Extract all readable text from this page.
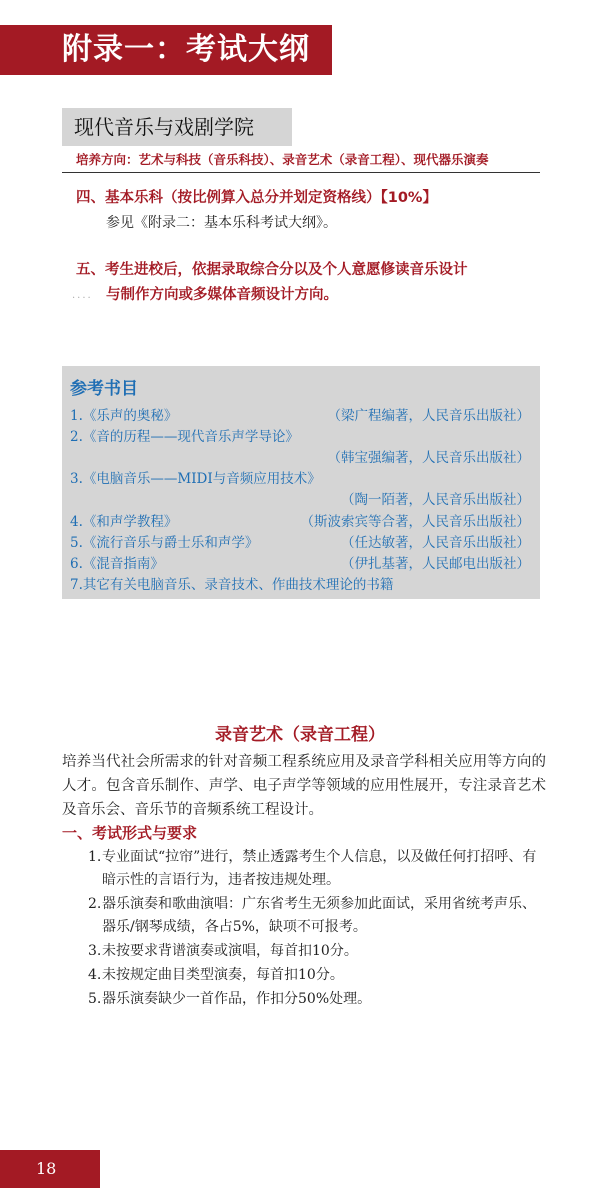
附录一：考试大纲
现代音乐与戏剧学院
培养方向：艺术与科技（音乐科技）、录音艺术（录音工程）、现代器乐演奏
四、基本乐科（按比例算入总分并划定资格线）【10%】
参见《附录二：基本乐科考试大纲》。
五、考生进校后，依据录取综合分以及个人意愿修读音乐设计
与制作方向或多媒体音频设计方向。
....
参考书目
1.《乐声的奥秘》	（梁广程编著，人民音乐出版社）
2.《音的历程——现代音乐声学导论》
（韩宝强编著，人民音乐出版社）
3.《电脑音乐——MIDI与音频应用技术》
（陶一陌著，人民音乐出版社）
4.《和声学教程》	（斯波索宾等合著，人民音乐出版社）
5.《流行音乐与爵士乐和声学》	（任达敏著，人民音乐出版社）
6.《混音指南》	（伊扎基著，人民邮电出版社）
7.其它有关电脑音乐、录音技术、作曲技术理论的书籍
录音艺术（录音工程）
培养当代社会所需求的针对音频工程系统应用及录音学科相关应用等方向的人才。包含音乐制作、声学、电子声学等领域的应用性展开，专注录音艺术及音乐会、音乐节的音频系统工程设计。
一、考试形式与要求
1. 专业面试“拉帘”进行，禁止透露考生个人信息，以及做任何打招呼、有暗示性的言语行为，违者按违规处理。
2. 器乐演奏和歌曲演唱：广东省考生无须参加此面试，采用省统考声乐、器乐/钢琴成绩，各占5%，缺项不可报考。
3. 未按要求背谱演奏或演唱，每首扣10分。
4. 未按规定曲目类型演奏，每首扣10分。
5. 器乐演奏缺少一首作品，作扣分50%处理。
18
